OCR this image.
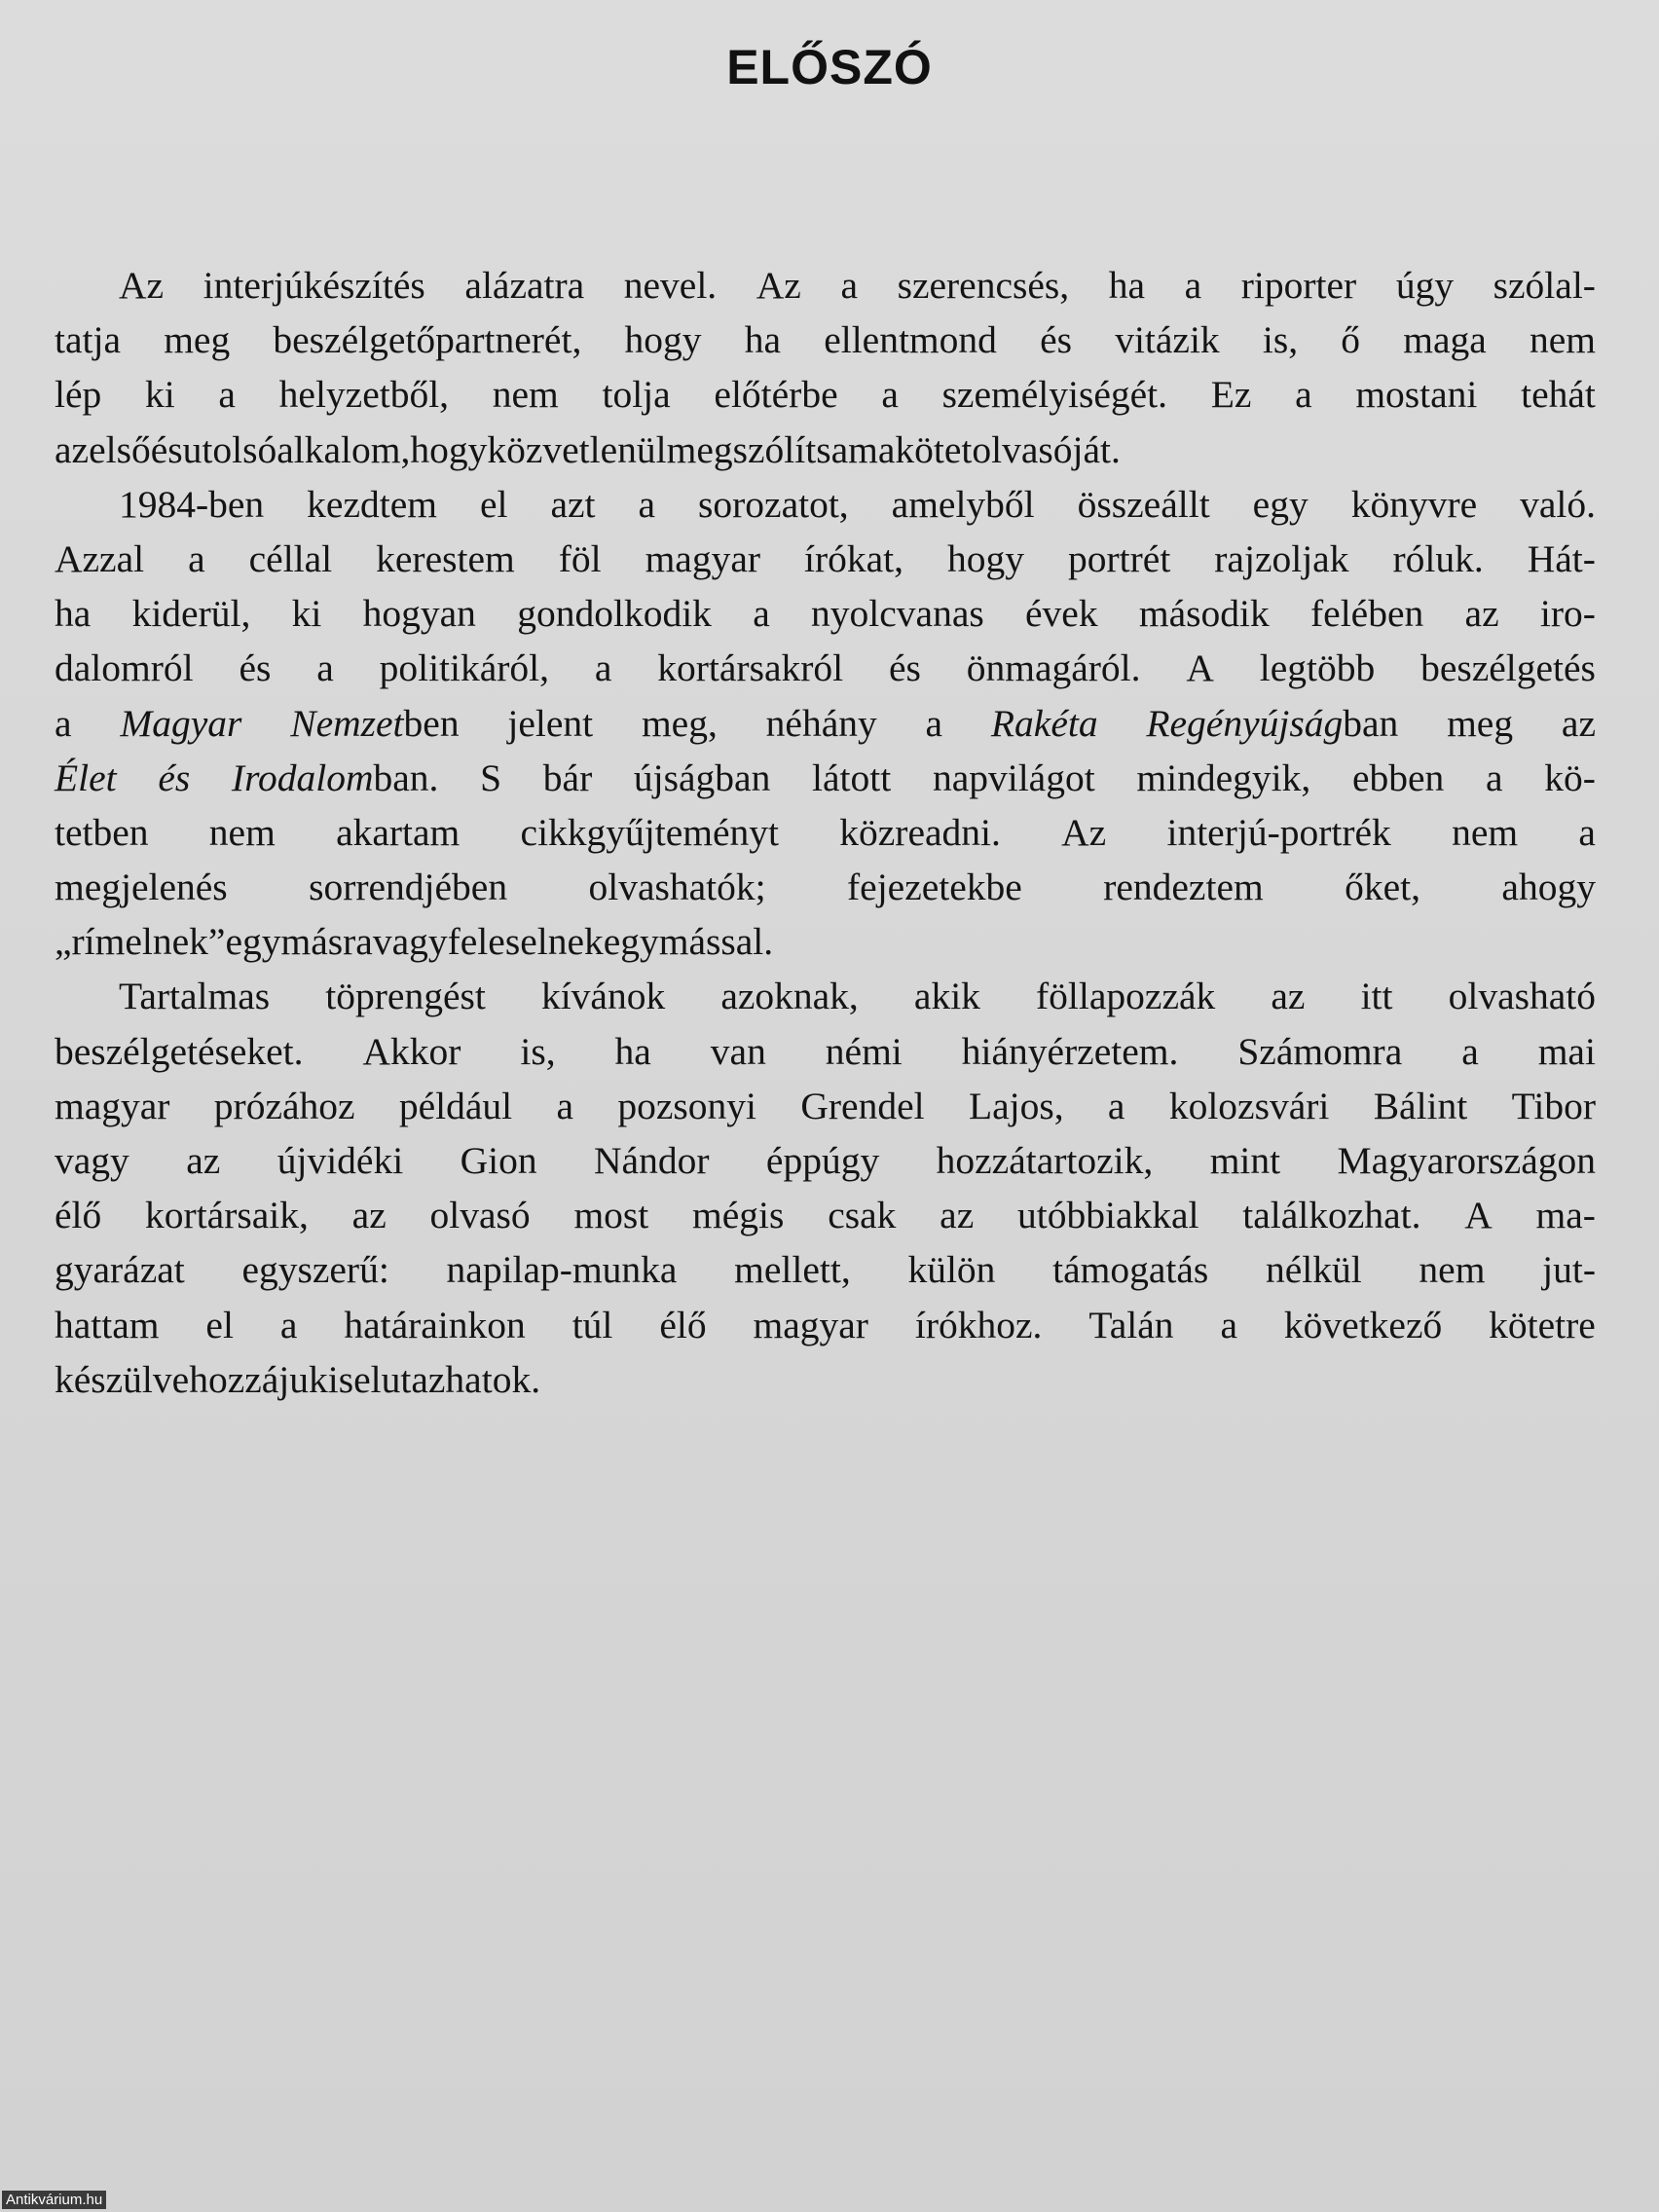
ELŐSZÓ
Az interjúkészítés alázatra nevel. Az a szerencsés, ha a riporter úgy szólal-
tatja meg beszélgetőpartnerét, hogy ha ellentmond és vitázik is, ő maga nem
lép ki a helyzetből, nem tolja előtérbe a személyiségét. Ez a mostani tehát
az első és utolsó alkalom, hogy közvetlenül megszólítsam a kötet olvasóját.
1984-ben kezdtem el azt a sorozatot, amelyből összeállt egy könyvre való.
Azzal a céllal kerestem föl magyar írókat, hogy portrét rajzoljak róluk. Hát-
ha kiderül, ki hogyan gondolkodik a nyolcvanas évek második felében az iro-
dalomról és a politikáról, a kortársakról és önmagáról. A legtöbb beszélgetés
a Magyar Nemzetben jelent meg, néhány a Rakéta Regényújságban meg az
Élet és Irodalomban. S bár újságban látott napvilágot mindegyik, ebben a kö-
tetben nem akartam cikkgyűjteményt közreadni. Az interjú-portrék nem a
megjelenés sorrendjében olvashatók; fejezetekbe rendeztem őket, ahogy
„rímelnek” egymásra vagy feleselnek egymással.
Tartalmas töprengést kívánok azoknak, akik föllapozzák az itt olvasható
beszélgetéseket. Akkor is, ha van némi hiányérzetem. Számomra a mai
magyar prózához például a pozsonyi Grendel Lajos, a kolozsvári Bálint Tibor
vagy az újvidéki Gion Nándor éppúgy hozzátartozik, mint Magyarországon
élő kortársaik, az olvasó most mégis csak az utóbbiakkal találkozhat. A ma-
gyarázat egyszerű: napilap-munka mellett, külön támogatás nélkül nem jut-
hattam el a határainkon túl élő magyar írókhoz. Talán a következő kötetre
készülve hozzájuk is elutazhatok.
Antikvárium.hu
